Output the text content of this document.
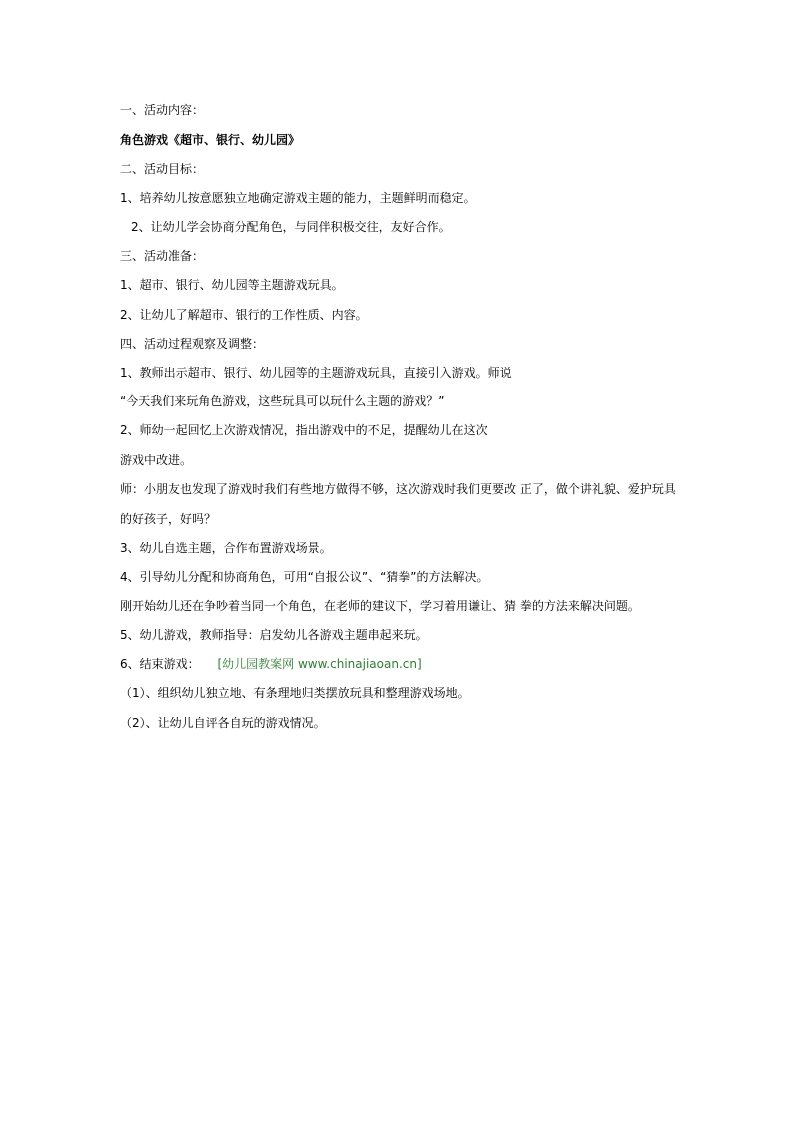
一、活动内容：
角色游戏《超市、银行、幼儿园》
二、活动目标：
1、培养幼儿按意愿独立地确定游戏主题的能力，主题鲜明而稳定。
2、让幼儿学会协商分配角色，与同伴积极交往，友好合作。
三、活动准备：
1、超市、银行、幼儿园等主题游戏玩具。
2、让幼儿了解超市、银行的工作性质、内容。
四、活动过程观察及调整：
1、教师出示超市、银行、幼儿园等的主题游戏玩具，直接引入游戏。师说
“今天我们来玩角色游戏，这些玩具可以玩什么主题的游戏？”
2、师幼一起回忆上次游戏情况，指出游戏中的不足，提醒幼儿在这次
游戏中改进。
师：小朋友也发现了游戏时我们有些地方做得不够，这次游戏时我们更要改 正了，做个讲礼貌、爱护玩具
的好孩子，好吗？
3、幼儿自选主题，合作布置游戏场景。
4、引导幼儿分配和协商角色，可用“自报公议”、“猜拳”的方法解决。
刚开始幼儿还在争吵着当同一个角色，在老师的建议下，学习着用谦让、猜 拳的方法来解决问题。
5、幼儿游戏，教师指导：启发幼儿各游戏主题串起来玩。
6、结束游戏： [幼儿园教案网 www.chinajiaoan.cn]
（1）、组织幼儿独立地、有条理地归类摆放玩具和整理游戏场地。
（2）、让幼儿自评各自玩的游戏情况。
